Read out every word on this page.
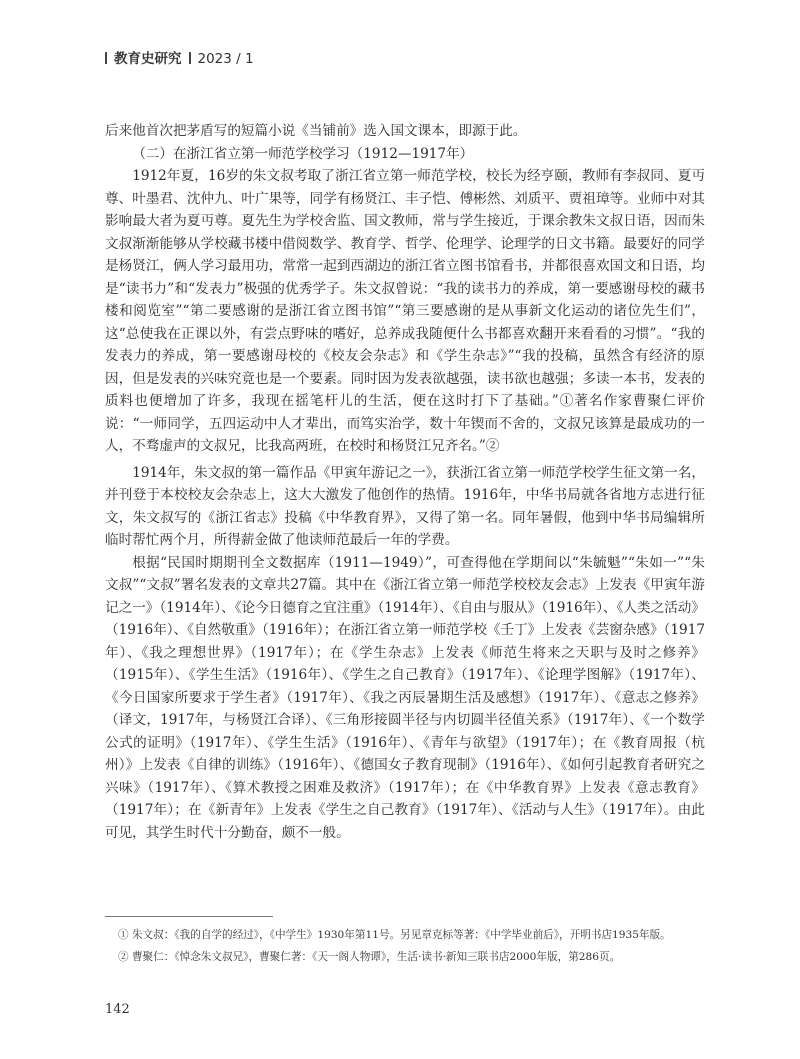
教育史研究 2023 / 1

后来他首次把茅盾写的短篇小说《当铺前》选入国文课本，即源于此。

（二）在浙江省立第一师范学校学习（1912—1917年）

1912年夏，16岁的朱文叔考取了浙江省立第一师范学校，校长为经亨颐，教师有李叔同、夏丏尊、叶墨君、沈仲九、叶广果等，同学有杨贤江、丰子恺、傅彬然、刘质平、贾祖璋等。业师中对其影响最大者为夏丏尊。夏先生为学校舍监、国文教师，常与学生接近，于课余教朱文叔日语，因而朱文叔渐渐能够从学校藏书楼中借阅数学、教育学、哲学、伦理学、论理学的日文书籍。最要好的同学是杨贤江，俩人学习最用功，常常一起到西湖边的浙江省立图书馆看书，并都很喜欢国文和日语，均是“读书力”和“发表力”极强的优秀学子。朱文叔曾说：“我的读书力的养成，第一要感谢母校的藏书楼和阅览室”“第二要感谢的是浙江省立图书馆”“第三要感谢的是从事新文化运动的诸位先生们”，这“总使我在正课以外，有尝点野味的嗜好，总养成我随便什么书都喜欢翻开来看看的习惯”。“我的发表力的养成，第一要感谢母校的《校友会杂志》和《学生杂志》”“我的投稿，虽然含有经济的原因，但是发表的兴味究竟也是一个要素。同时因为发表欲越强，读书欲也越强；多读一本书，发表的质料也便增加了许多，我现在摇笔杆儿的生活，便在这时打下了基础。”①著名作家曹聚仁评价说：“一师同学，五四运动中人才辈出，而笃实治学，数十年锲而不舍的，文叔兄该算是最成功的一人，不骛虚声的文叔兄，比我高两班，在校时和杨贤江兄齐名。”②

1914年，朱文叔的第一篇作品《甲寅年游记之一》，获浙江省立第一师范学校学生征文第一名，并刊登于本校校友会杂志上，这大大激发了他创作的热情。1916年，中华书局就各省地方志进行征文，朱文叔写的《浙江省志》投稿《中华教育界》，又得了第一名。同年暑假，他到中华书局编辑所临时帮忙两个月，所得薪金做了他读师范最后一年的学费。

根据“民国时期期刊全文数据库（1911—1949）”，可查得他在学期间以“朱毓魁”“朱如一”“朱文叔”“文叔”署名发表的文章共27篇。其中在《浙江省立第一师范学校校友会志》上发表《甲寅年游记之一》（1914年）、《论今日德育之宜注重》（1914年）、《自由与服从》（1916年）、《人类之活动》（1916年）、《自然敬重》（1916年）；在浙江省立第一师范学校《壬丁》上发表《芸窗杂感》（1917年）、《我之理想世界》（1917年）；在《学生杂志》上发表《师范生将来之天职与及时之修养》（1915年）、《学生生活》（1916年）、《学生之自己教育》（1917年）、《论理学图解》（1917年）、《今日国家所要求于学生者》（1917年）、《我之丙辰暑期生活及感想》（1917年）、《意志之修养》（译文，1917年，与杨贤江合译）、《三角形接圆半径与内切圆半径值关系》（1917年）、《一个数学公式的证明》（1917年）、《学生生活》（1916年）、《青年与欲望》（1917年）；在《教育周报（杭州）》上发表《自律的训练》（1916年）、《德国女子教育现制》（1916年）、《如何引起教育者研究之兴味》（1917年）、《算术教授之困难及救济》（1917年）；在《中华教育界》上发表《意志教育》（1917年）；在《新青年》上发表《学生之自己教育》（1917年）、《活动与人生》（1917年）。由此可见，其学生时代十分勤奋，颇不一般。

① 朱文叔：《我的自学的经过》，《中学生》1930年第11号。另见章克标等著：《中学毕业前后》，开明书店1935年版。
② 曹聚仁：《悼念朱文叔兄》，曹聚仁著：《天一阁人物谭》，生活·读书·新知三联书店2000年版，第286页。
142
